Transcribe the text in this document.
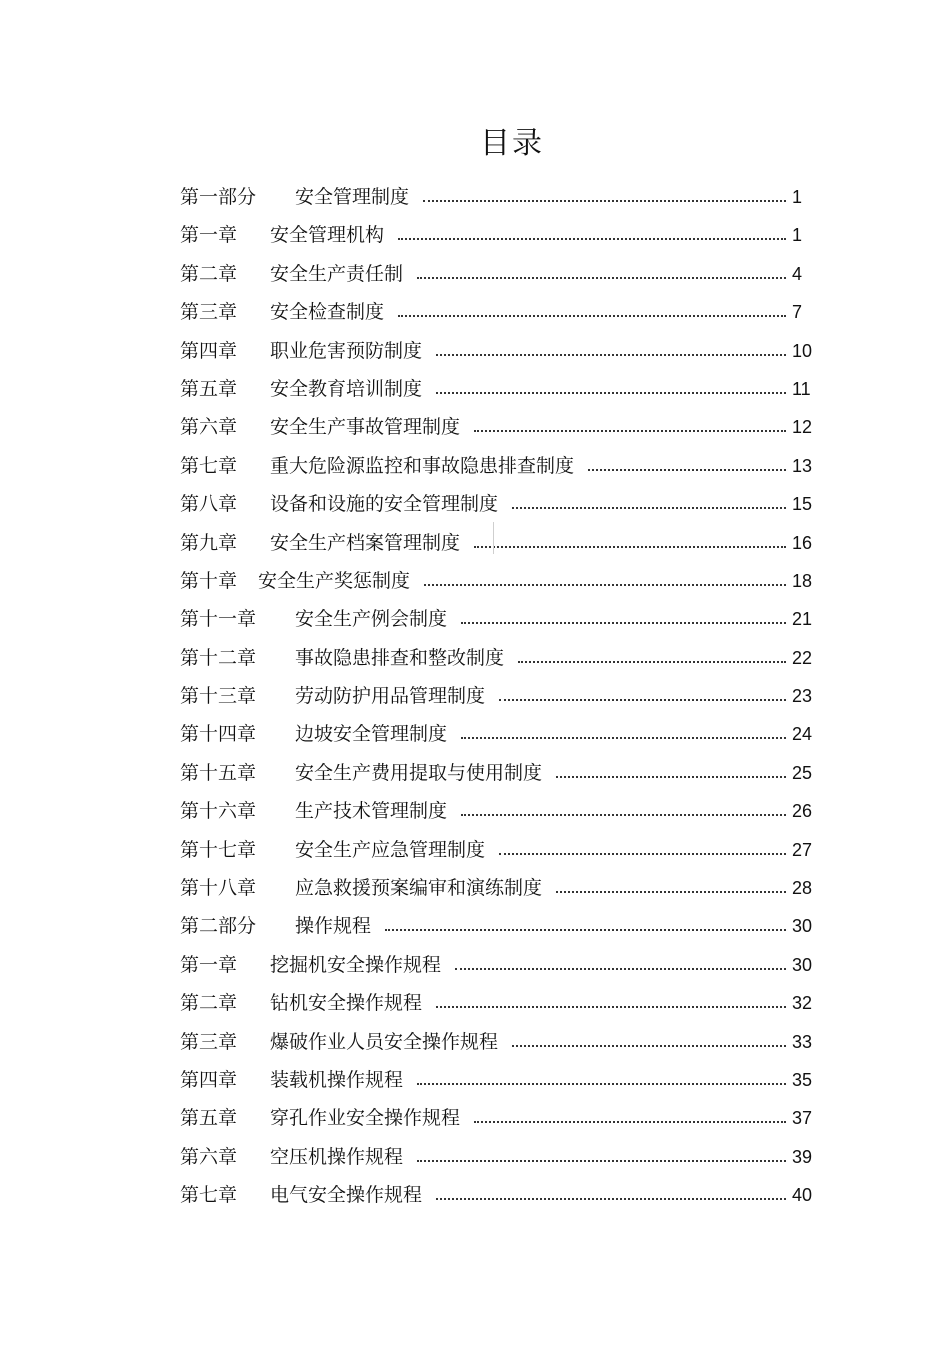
目录
第一部分 安全管理制度	1
第一章 安全管理机构	1
第二章 安全生产责任制	4
第三章 安全检查制度	7
第四章 职业危害预防制度	10
第五章 安全教育培训制度	11
第六章 安全生产事故管理制度	12
第七章 重大危险源监控和事故隐患排查制度	13
第八章 设备和设施的安全管理制度	15
第九章 安全生产档案管理制度	16
第十章 安全生产奖惩制度	18
第十一章 安全生产例会制度	21
第十二章 事故隐患排查和整改制度	22
第十三章 劳动防护用品管理制度	23
第十四章 边坡安全管理制度	24
第十五章 安全生产费用提取与使用制度	25
第十六章 生产技术管理制度	26
第十七章 安全生产应急管理制度	27
第十八章 应急救援预案编审和演练制度	28
第二部分 操作规程	30
第一章 挖掘机安全操作规程	30
第二章 钻机安全操作规程	32
第三章 爆破作业人员安全操作规程	33
第四章 装载机操作规程	35
第五章 穿孔作业安全操作规程	37
第六章 空压机操作规程	39
第七章 电气安全操作规程	40
